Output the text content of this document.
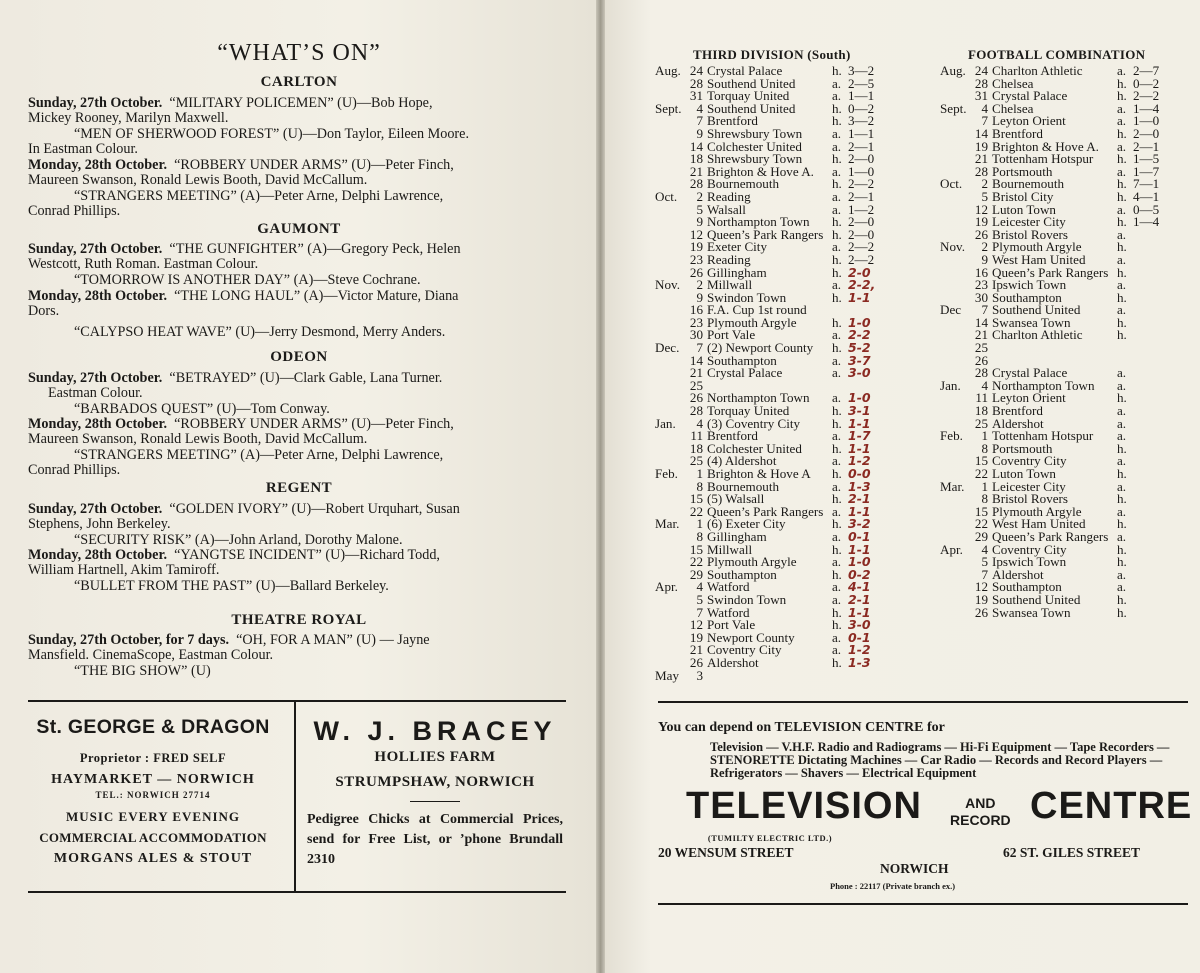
“WHAT’S ON”
CARLTON
Sunday, 27th October. “MILITARY POLICEMEN” (U)—Bob Hope,
Mickey Rooney, Marilyn Maxwell.
“MEN OF SHERWOOD FOREST” (U)—Don Taylor, Eileen Moore.
In Eastman Colour.
Monday, 28th October. “ROBBERY UNDER ARMS” (U)—Peter Finch,
Maureen Swanson, Ronald Lewis Booth, David McCallum.
“STRANGERS MEETING” (A)—Peter Arne, Delphi Lawrence,
Conrad Phillips.
GAUMONT
Sunday, 27th October. “THE GUNFIGHTER” (A)—Gregory Peck, Helen
Westcott, Ruth Roman. Eastman Colour.
“TOMORROW IS ANOTHER DAY” (A)—Steve Cochrane.
Monday, 28th October. “THE LONG HAUL” (A)—Victor Mature, Diana
Dors.
“CALYPSO HEAT WAVE” (U)—Jerry Desmond, Merry Anders.
ODEON
Sunday, 27th October. “BETRAYED” (U)—Clark Gable, Lana Turner.
Eastman Colour.
“BARBADOS QUEST” (U)—Tom Conway.
Monday, 28th October. “ROBBERY UNDER ARMS” (U)—Peter Finch,
Maureen Swanson, Ronald Lewis Booth, David McCallum.
“STRANGERS MEETING” (A)—Peter Arne, Delphi Lawrence,
Conrad Phillips.
REGENT
Sunday, 27th October. “GOLDEN IVORY” (U)—Robert Urquhart, Susan
Stephens, John Berkeley.
“SECURITY RISK” (A)—John Arland, Dorothy Malone.
Monday, 28th October. “YANGTSE INCIDENT” (U)—Richard Todd,
William Hartnell, Akim Tamiroff.
“BULLET FROM THE PAST” (U)—Ballard Berkeley.
THEATRE ROYAL
Sunday, 27th October, for 7 days. “OH, FOR A MAN” (U) — Jayne
Mansfield. CinemaScope, Eastman Colour.
“THE BIG SHOW” (U)
St. GEORGE & DRAGON
Proprietor : FRED SELF
HAYMARKET — NORWICH
TEL.: NORWICH 27714
MUSIC EVERY EVENING
COMMERCIAL ACCOMMODATION
MORGANS ALES & STOUT
W. J. BRACEY
HOLLIES FARM
STRUMPSHAW, NORWICH
Pedigree Chicks at Commercial Prices, send for Free List, or ’phone Brundall 2310
THIRD DIVISION (South)	FOOTBALL COMBINATION
Aug.	24	Crystal Palace	h.	3—2
	28	Southend United	a.	2—5
	31	Torquay United	a.	1—1
Sept.	4	Southend United	h.	0—2
	7	Brentford	h.	3—2
	9	Shrewsbury Town	a.	1—1
	14	Colchester United	a.	2—1
	18	Shrewsbury Town	h.	2—0
	21	Brighton & Hove A.	a.	1—0
	28	Bournemouth	h.	2—2
Oct.	2	Reading	a.	2—1
	5	Walsall	a.	1—2
	9	Northampton Town	h.	2—0
	12	Queen’s Park Rangers	h.	2—0
	19	Exeter City	a.	2—2
	23	Reading	h.	2—2
	26	Gillingham	h.	2-0
Nov.	2	Millwall	a.	2-2,
	9	Swindon Town	h.	1-1
	16	F.A. Cup 1st round		
	23	Plymouth Argyle	h.	1-0
	30	Port Vale	a.	2-2
Dec.	7	(2) Newport County	h.	5-2
	14	Southampton	a.	3-7
	21	Crystal Palace	a.	3-0
	25			
	26	Northampton Town	a.	1-0
	28	Torquay United	h.	3-1
Jan.	4	(3) Coventry City	h.	1-1
	11	Brentford	a.	1-7
	18	Colchester United	h.	1-1
	25	(4) Aldershot	a.	1-2
Feb.	1	Brighton & Hove A	h.	0-0
	8	Bournemouth	a.	1-3
	15	(5) Walsall	h.	2-1
	22	Queen’s Park Rangers	a.	1-1
Mar.	1	(6) Exeter City	h.	3-2
	8	Gillingham	a.	0-1
	15	Millwall	h.	1-1
	22	Plymouth Argyle	a.	1-0
	29	Southampton	h.	0-2
Apr.	4	Watford	a.	4-1
	5	Swindon Town	a.	2-1
	7	Watford	h.	1-1
	12	Port Vale	h.	3-0
	19	Newport County	a.	0-1
	21	Coventry City	a.	1-2
	26	Aldershot	h.	1-3
May	3			
Aug.	24	Charlton Athletic	a.	2—7
	28	Chelsea	h.	0—2
	31	Crystal Palace	h.	2—2
Sept.	4	Chelsea	a.	1—4
	7	Leyton Orient	a.	1—0
	14	Brentford	h.	2—0
	19	Brighton & Hove A.	a.	2—1
	21	Tottenham Hotspur	h.	1—5
	28	Portsmouth	a.	1—7
Oct.	2	Bournemouth	h.	7—1
	5	Bristol City	h.	4—1
	12	Luton Town	a.	0—5
	19	Leicester City	h.	1—4
	26	Bristol Rovers	a.	
Nov.	2	Plymouth Argyle	h.	
	9	West Ham United	a.	
	16	Queen’s Park Rangers	h.	
	23	Ipswich Town	a.	
	30	Southampton	h.	
Dec	7	Southend United	a.	
	14	Swansea Town	h.	
	21	Charlton Athletic	h.	
	25			
	26			
	28	Crystal Palace	a.	
Jan.	4	Northampton Town	a.	
	11	Leyton Orient	h.	
	18	Brentford	a.	
	25	Aldershot	a.	
Feb.	1	Tottenham Hotspur	a.	
	8	Portsmouth	h.	
	15	Coventry City	a.	
	22	Luton Town	h.	
Mar.	1	Leicester City	a.	
	8	Bristol Rovers	h.	
	15	Plymouth Argyle	a.	
	22	West Ham United	h.	
	29	Queen’s Park Rangers	a.	
Apr.	4	Coventry City	h.	
	5	Ipswich Town	h.	
	7	Aldershot	a.	
	12	Southampton	a.	
	19	Southend United	h.	
	26	Swansea Town	h.	
You can depend on TELEVISION CENTRE for
Television — V.H.F. Radio and Radiograms — Hi-Fi Equipment — Tape Recorders — STENORETTE Dictating Machines — Car Radio — Records and Record Players — Refrigerators — Shavers — Electrical Equipment
TELEVISION	AND
RECORD CENTRE
(TUMILTY ELECTRIC LTD.)
20 WENSUM STREET	62 ST. GILES STREET
NORWICH
Phone : 22117 (Private branch ex.)
